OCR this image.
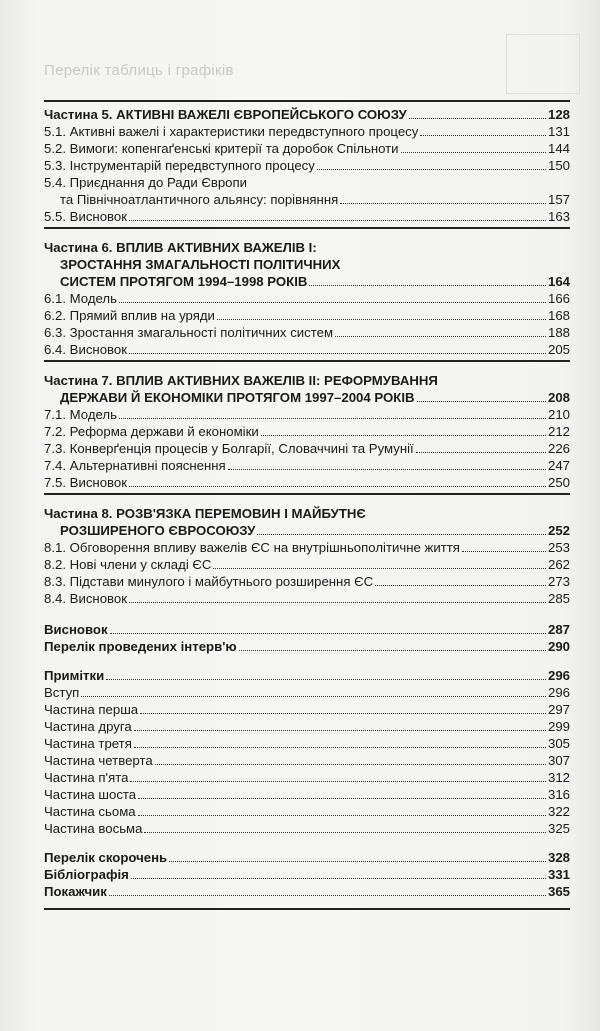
Перелік таблиць і графіків
Частина 5. АКТИВНІ ВАЖЕЛІ ЄВРОПЕЙСЬКОГО СОЮЗУ	128
5.1. Активні важелі і характеристики передвступного процесу	131
5.2. Вимоги: копенгаґенські критерії та доробок Спільноти	144
5.3. Інструментарій передвступного процесу	150
5.4. Приєднання до Ради Європи
та Північноатлантичного альянсу: порівняння	157
5.5. Висновок	163
Частина 6. ВПЛИВ АКТИВНИХ ВАЖЕЛІВ І:
ЗРОСТАННЯ ЗМАГАЛЬНОСТІ ПОЛІТИЧНИХ
СИСТЕМ ПРОТЯГОМ 1994–1998 РОКІВ	164
6.1. Модель	166
6.2. Прямий вплив на уряди	168
6.3. Зростання змагальності політичних систем	188
6.4. Висновок	205
Частина 7. ВПЛИВ АКТИВНИХ ВАЖЕЛІВ ІІ: РЕФОРМУВАННЯ
ДЕРЖАВИ Й ЕКОНОМІКИ ПРОТЯГОМ 1997–2004 РОКІВ	208
7.1. Модель	210
7.2. Реформа держави й економіки	212
7.3. Конверґенція процесів у Болгарії, Словаччині та Румунії	226
7.4. Альтернативні пояснення	247
7.5. Висновок	250
Частина 8. РОЗВ'ЯЗКА ПЕРЕМОВИН І МАЙБУТНЄ
РОЗШИРЕНОГО ЄВРОСОЮЗУ	252
8.1. Обговорення впливу важелів ЄС на внутрішньополітичне життя	253
8.2. Нові члени у складі ЄС	262
8.3. Підстави минулого і майбутнього розширення ЄС	273
8.4. Висновок	285
Висновок	287
Перелік проведених інтерв'ю	290
Примітки	296
Вступ	296
Частина перша	297
Частина друга	299
Частина третя	305
Частина четверта	307
Частина п'ята	312
Частина шоста	316
Частина сьома	322
Частина восьма	325
Перелік скорочень	328
Бібліографія	331
Покажчик	365
